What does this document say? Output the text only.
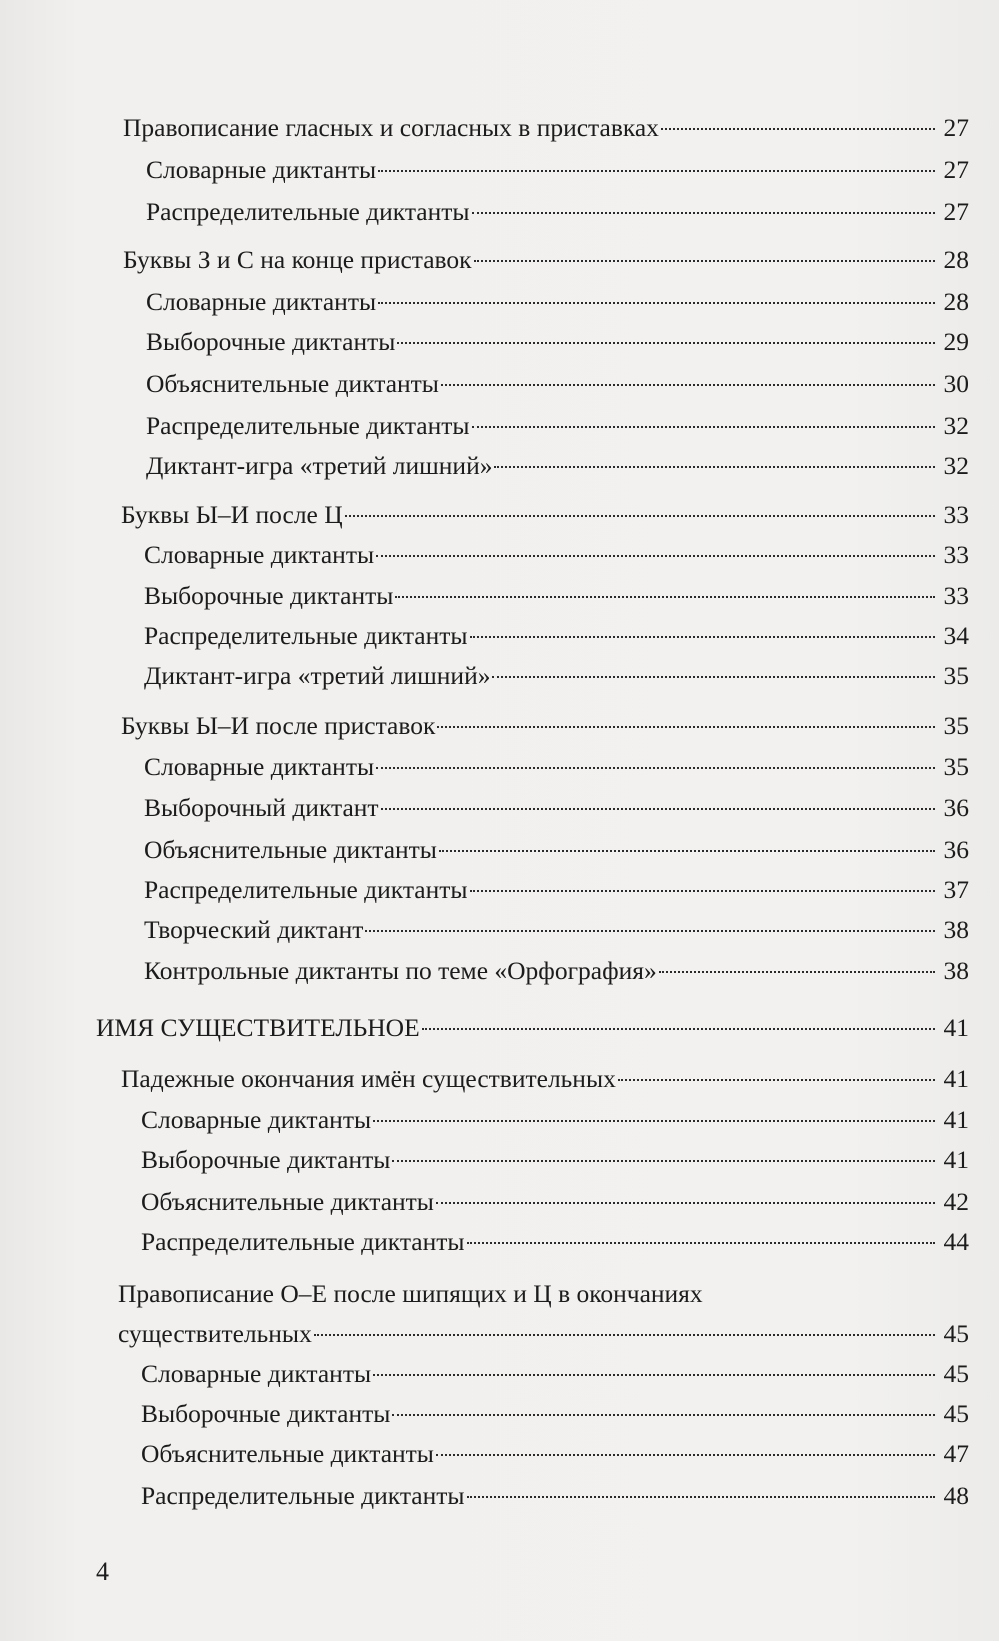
Правописание гласных и согласных в приставках	27
Словарные диктанты	27
Распределительные диктанты	27
Буквы З и С на конце приставок	28
Словарные диктанты	28
Выборочные диктанты	29
Объяснительные диктанты	30
Распределительные диктанты	32
Диктант-игра «третий лишний»	32
Буквы Ы–И после Ц	33
Словарные диктанты	33
Выборочные диктанты	33
Распределительные диктанты	34
Диктант-игра «третий лишний»	35
Буквы Ы–И после приставок	35
Словарные диктанты	35
Выборочный диктант	36
Объяснительные диктанты	36
Распределительные диктанты	37
Творческий диктант	38
Контрольные диктанты по теме «Орфография»	38
ИМЯ СУЩЕСТВИТЕЛЬНОЕ	41
Падежные окончания имён существительных	41
Словарные диктанты	41
Выборочные диктанты	41
Объяснительные диктанты	42
Распределительные диктанты	44
Правописание О–Е после шипящих и Ц в окончаниях
существительных	45
Словарные диктанты	45
Выборочные диктанты	45
Объяснительные диктанты	47
Распределительные диктанты	48
4
